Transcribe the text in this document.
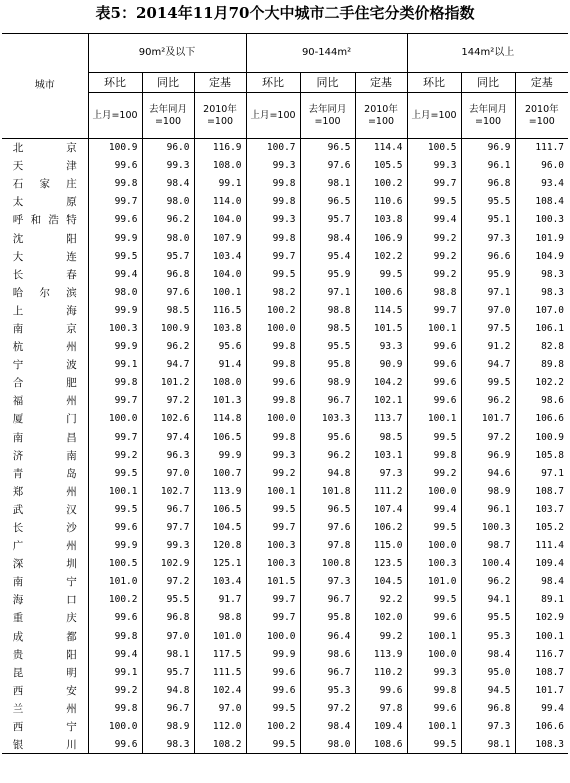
表5：2014年11月70个大中城市二手住宅分类价格指数
城市	90m²及以下			90-144m²			144m²以上		
	环比	同比	定基	环比	同比	定基	环比	同比	定基
	上月=100	去年同月=100	2010年=100	上月=100	去年同月=100	2010年=100	上月=100	去年同月=100	2010年=100
北京	100.9	96.0	116.9	100.7	96.5	114.4	100.5	96.9	111.7
天津	99.6	99.3	108.0	99.3	97.6	105.5	99.3	96.1	96.0
石家庄	99.8	98.4	99.1	99.8	98.1	100.2	99.7	96.8	93.4
太原	99.7	98.0	114.0	99.8	96.5	110.6	99.5	95.5	108.4
呼和浩特	99.6	96.2	104.0	99.3	95.7	103.8	99.4	95.1	100.3
沈阳	99.9	98.0	107.9	99.8	98.4	106.9	99.2	97.3	101.9
大连	99.5	95.7	103.4	99.7	95.4	102.2	99.2	96.6	104.9
长春	99.4	96.8	104.0	99.5	95.9	99.5	99.2	95.9	98.3
哈尔滨	98.0	97.6	100.1	98.2	97.1	100.6	98.8	97.1	98.3
上海	99.9	98.5	116.5	100.2	98.8	114.5	99.7	97.0	107.0
南京	100.3	100.9	103.8	100.0	98.5	101.5	100.1	97.5	106.1
杭州	99.9	96.2	95.6	99.8	95.5	93.3	99.6	91.2	82.8
宁波	99.1	94.7	91.4	99.8	95.8	90.9	99.6	94.7	89.8
合肥	99.8	101.2	108.0	99.6	98.9	104.2	99.6	99.5	102.2
福州	99.7	97.2	101.3	99.8	96.7	102.1	99.6	96.2	98.6
厦门	100.0	102.6	114.8	100.0	103.3	113.7	100.1	101.7	106.6
南昌	99.7	97.4	106.5	99.8	95.6	98.5	99.5	97.2	100.9
济南	99.2	96.3	99.9	99.3	96.2	103.1	99.8	96.9	105.8
青岛	99.5	97.0	100.7	99.2	94.8	97.3	99.2	94.6	97.1
郑州	100.1	102.7	113.9	100.1	101.8	111.2	100.0	98.9	108.7
武汉	99.5	96.7	106.5	99.5	96.5	107.4	99.4	96.1	103.7
长沙	99.6	97.7	104.5	99.7	97.6	106.2	99.5	100.3	105.2
广州	99.9	99.3	120.8	100.3	97.8	115.0	100.0	98.7	111.4
深圳	100.5	102.9	125.1	100.3	100.8	123.5	100.3	100.4	109.4
南宁	101.0	97.2	103.4	101.5	97.3	104.5	101.0	96.2	98.4
海口	100.2	95.5	91.7	99.7	96.7	92.2	99.5	94.1	89.1
重庆	99.6	96.8	98.8	99.7	95.8	102.0	99.6	95.5	102.9
成都	99.8	97.0	101.0	100.0	96.4	99.2	100.1	95.3	100.1
贵阳	99.4	98.1	117.5	99.9	98.6	113.9	100.0	98.4	116.7
昆明	99.1	95.7	111.5	99.6	96.7	110.2	99.3	95.0	108.7
西安	99.2	94.8	102.4	99.6	95.3	99.6	99.8	94.5	101.7
兰州	99.8	96.7	97.0	99.5	97.2	97.8	99.6	96.8	99.4
西宁	100.0	98.9	112.0	100.2	98.4	109.4	100.1	97.3	106.6
银川	99.6	98.3	108.2	99.5	98.0	108.6	99.5	98.1	108.3
